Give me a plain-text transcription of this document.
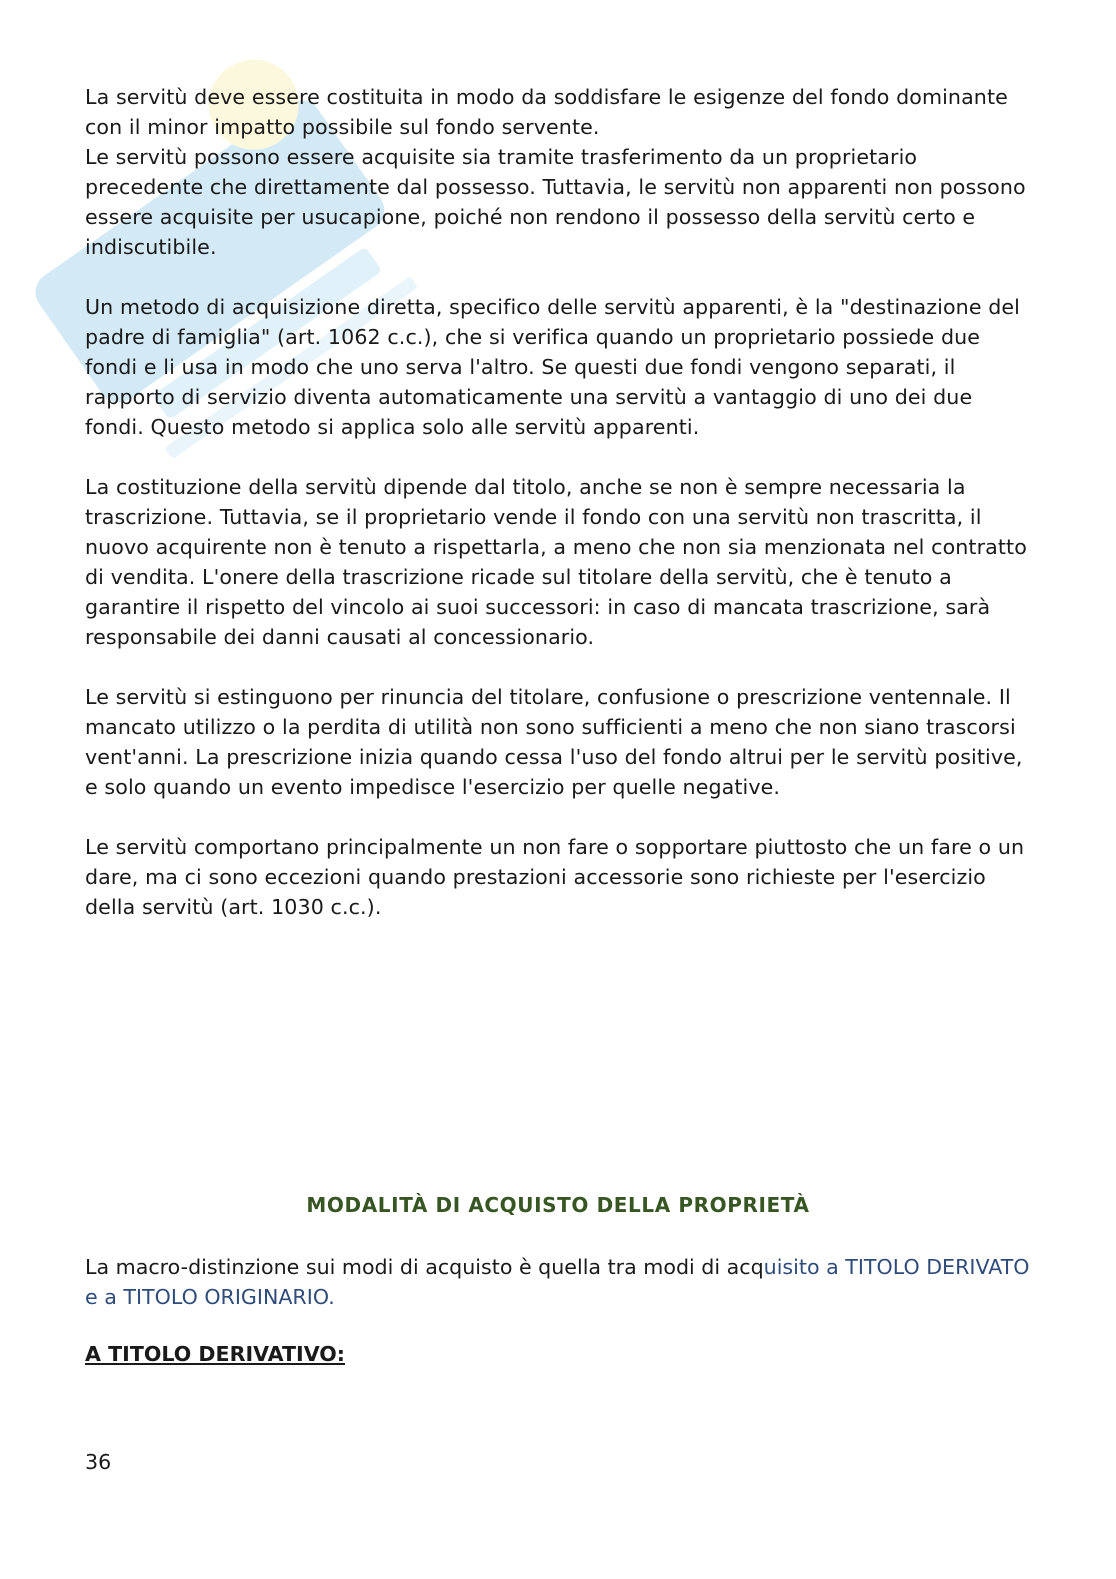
La servitù deve essere costituita in modo da soddisfare le esigenze del fondo dominante con il minor impatto possibile sul fondo servente.

Le servitù possono essere acquisite sia tramite trasferimento da un proprietario precedente che direttamente dal possesso. Tuttavia, le servitù non apparenti non possono essere acquisite per usucapione, poiché non rendono il possesso della servitù certo e indiscutibile.

Un metodo di acquisizione diretta, specifico delle servitù apparenti, è la "destinazione del padre di famiglia" (art. 1062 c.c.), che si verifica quando un proprietario possiede due fondi e li usa in modo che uno serva l'altro. Se questi due fondi vengono separati, il rapporto di servizio diventa automaticamente una servitù a vantaggio di uno dei due fondi. Questo metodo si applica solo alle servitù apparenti.

La costituzione della servitù dipende dal titolo, anche se non è sempre necessaria la trascrizione. Tuttavia, se il proprietario vende il fondo con una servitù non trascritta, il nuovo acquirente non è tenuto a rispettarla, a meno che non sia menzionata nel contratto di vendita. L'onere della trascrizione ricade sul titolare della servitù, che è tenuto a garantire il rispetto del vincolo ai suoi successori: in caso di mancata trascrizione, sarà responsabile dei danni causati al concessionario.

Le servitù si estinguono per rinuncia del titolare, confusione o prescrizione ventennale. Il mancato utilizzo o la perdita di utilità non sono sufficienti a meno che non siano trascorsi vent'anni. La prescrizione inizia quando cessa l'uso del fondo altrui per le servitù positive, e solo quando un evento impedisce l'esercizio per quelle negative.

Le servitù comportano principalmente un non fare o sopportare piuttosto che un fare o un dare, ma ci sono eccezioni quando prestazioni accessorie sono richieste per l'esercizio della servitù (art. 1030 c.c.).

MODALITÀ DI ACQUISTO DELLA PROPRIETÀ
La macro-distinzione sui modi di acquisto è quella tra modi di acquisito a TITOLO DERIVATO e a TITOLO ORIGINARIO.
A TITOLO DERIVATIVO:
36
